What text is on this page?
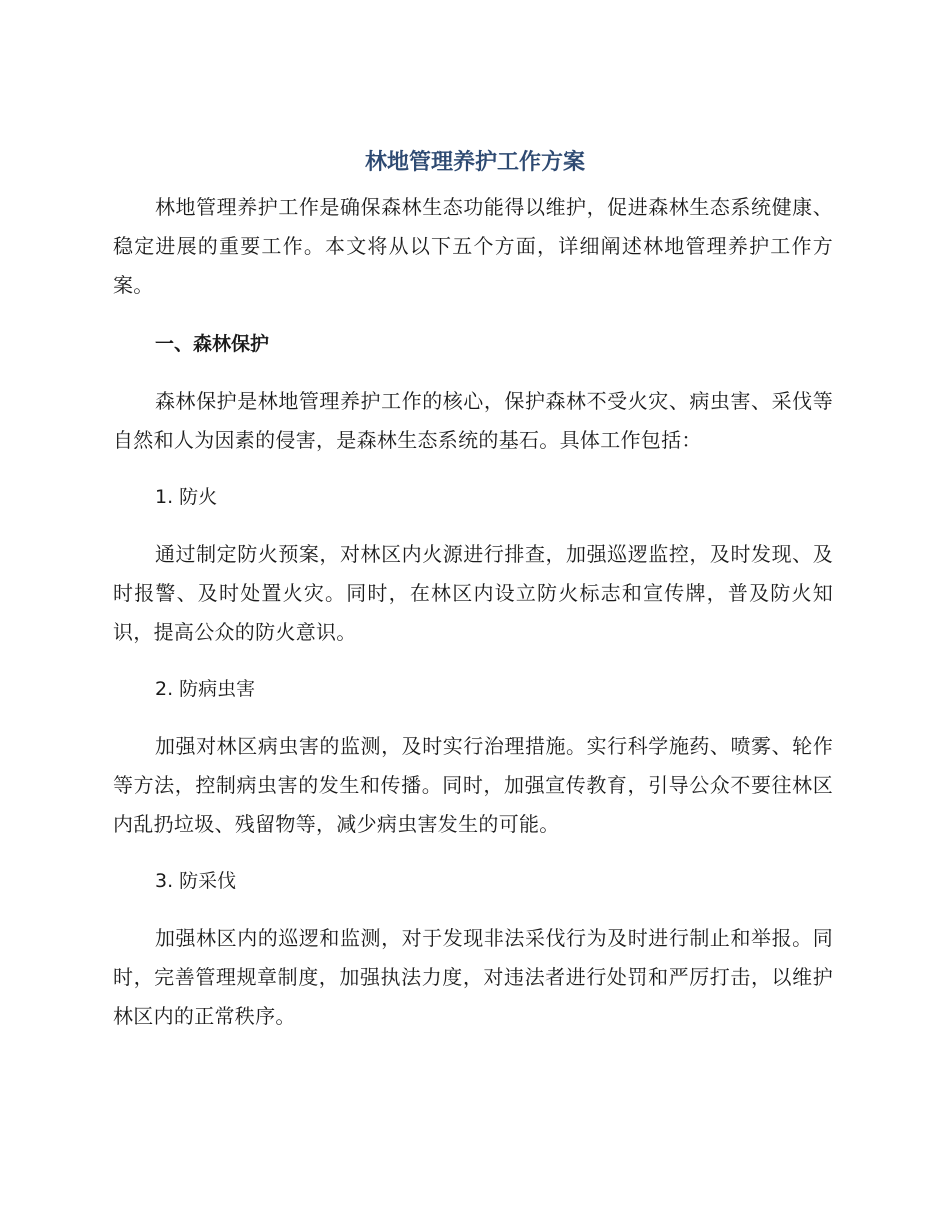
林地管理养护工作方案

林地管理养护工作是确保森林生态功能得以维护，促进森林生态系统健康、稳定进展的重要工作。本文将从以下五个方面，详细阐述林地管理养护工作方案。

一、森林保护

森林保护是林地管理养护工作的核心，保护森林不受火灾、病虫害、采伐等自然和人为因素的侵害，是森林生态系统的基石。具体工作包括：

1. 防火

通过制定防火预案，对林区内火源进行排查，加强巡逻监控，及时发现、及时报警、及时处置火灾。同时，在林区内设立防火标志和宣传牌，普及防火知识，提高公众的防火意识。

2. 防病虫害

加强对林区病虫害的监测，及时实行治理措施。实行科学施药、喷雾、轮作等方法，控制病虫害的发生和传播。同时，加强宣传教育，引导公众不要往林区内乱扔垃圾、残留物等，减少病虫害发生的可能。

3. 防采伐

加强林区内的巡逻和监测，对于发现非法采伐行为及时进行制止和举报。同时，完善管理规章制度，加强执法力度，对违法者进行处罚和严厉打击，以维护林区内的正常秩序。
